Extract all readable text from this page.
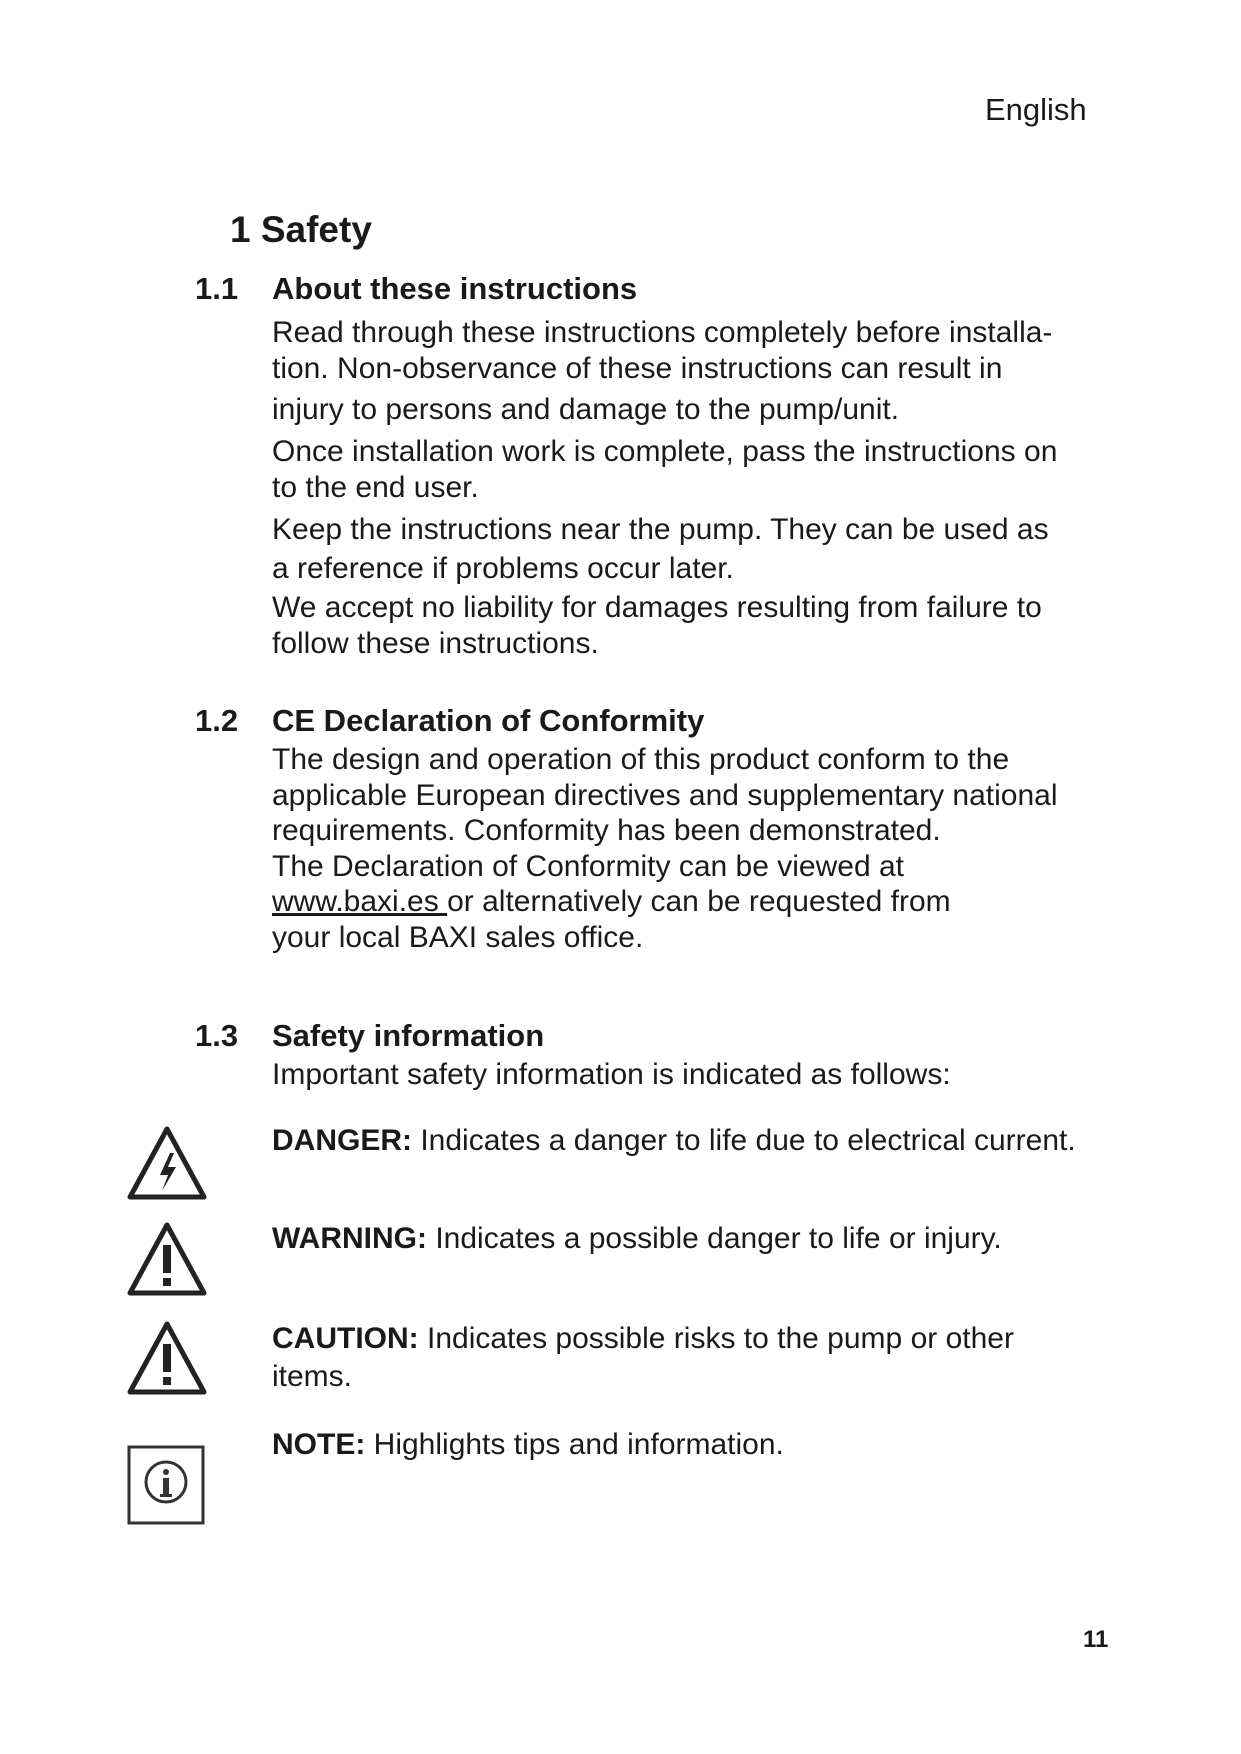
English
1 Safety
1.1 About these instructions
Read through these instructions completely before installa-
tion. Non-observance of these instructions can result in
injury to persons and damage to the pump/unit.
Once installation work is complete, pass the instructions on
to the end user.
Keep the instructions near the pump. They can be used as
a reference if problems occur later.
We accept no liability for damages resulting from failure to
follow these instructions.
1.2 CE Declaration of Conformity
The design and operation of this product conform to the
applicable European directives and supplementary national
requirements. Conformity has been demonstrated.
The Declaration of Conformity can be viewed at
www.baxi.es or alternatively can be requested from
your local BAXI sales office.
1.3 Safety information
Important safety information is indicated as follows:
DANGER: Indicates a danger to life due to electrical current.
WARNING: Indicates a possible danger to life or injury.
CAUTION: Indicates possible risks to the pump or other
items.
NOTE: Highlights tips and information.
11
